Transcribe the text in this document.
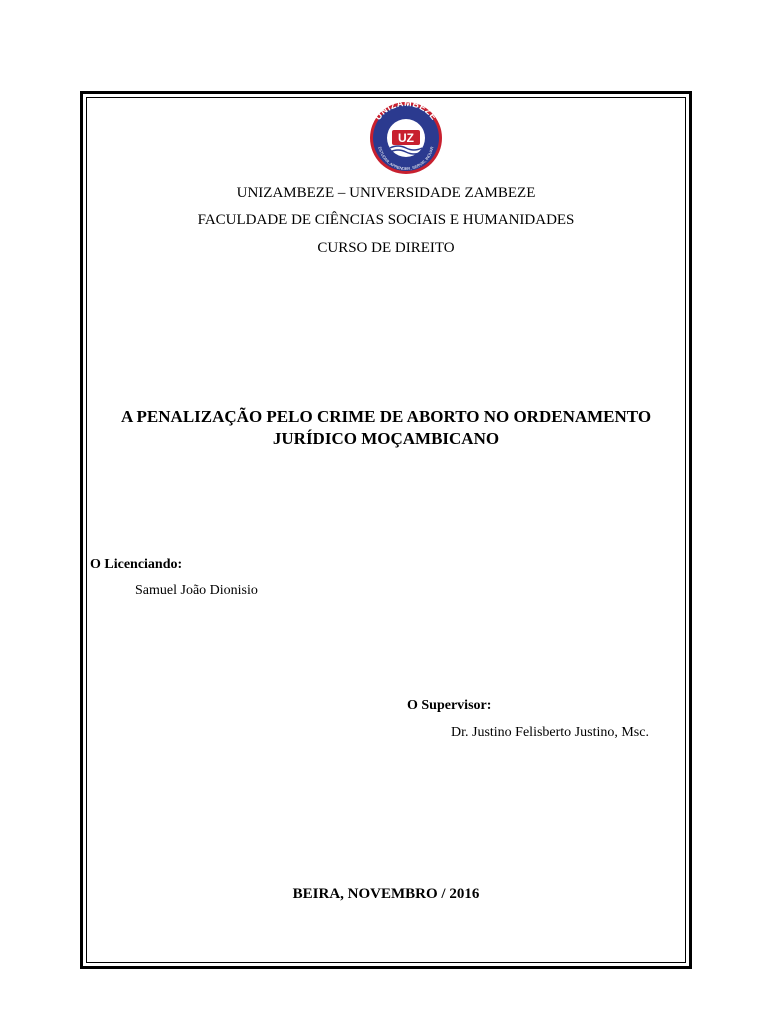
UNIZAMBEZE
ESTUDAR, APRENDER, SERVIR, INOVAR
UZ
UNIZAMBEZE – UNIVERSIDADE ZAMBEZE
FACULDADE DE CIÊNCIAS SOCIAIS E HUMANIDADES
CURSO DE DIREITO
A PENALIZAÇÃO PELO CRIME DE ABORTO NO ORDENAMENTO
JURÍDICO MOÇAMBICANO
O Licenciando:
Samuel João Dionisio
O Supervisor:
Dr. Justino Felisberto Justino, Msc.
BEIRA, NOVEMBRO / 2016
